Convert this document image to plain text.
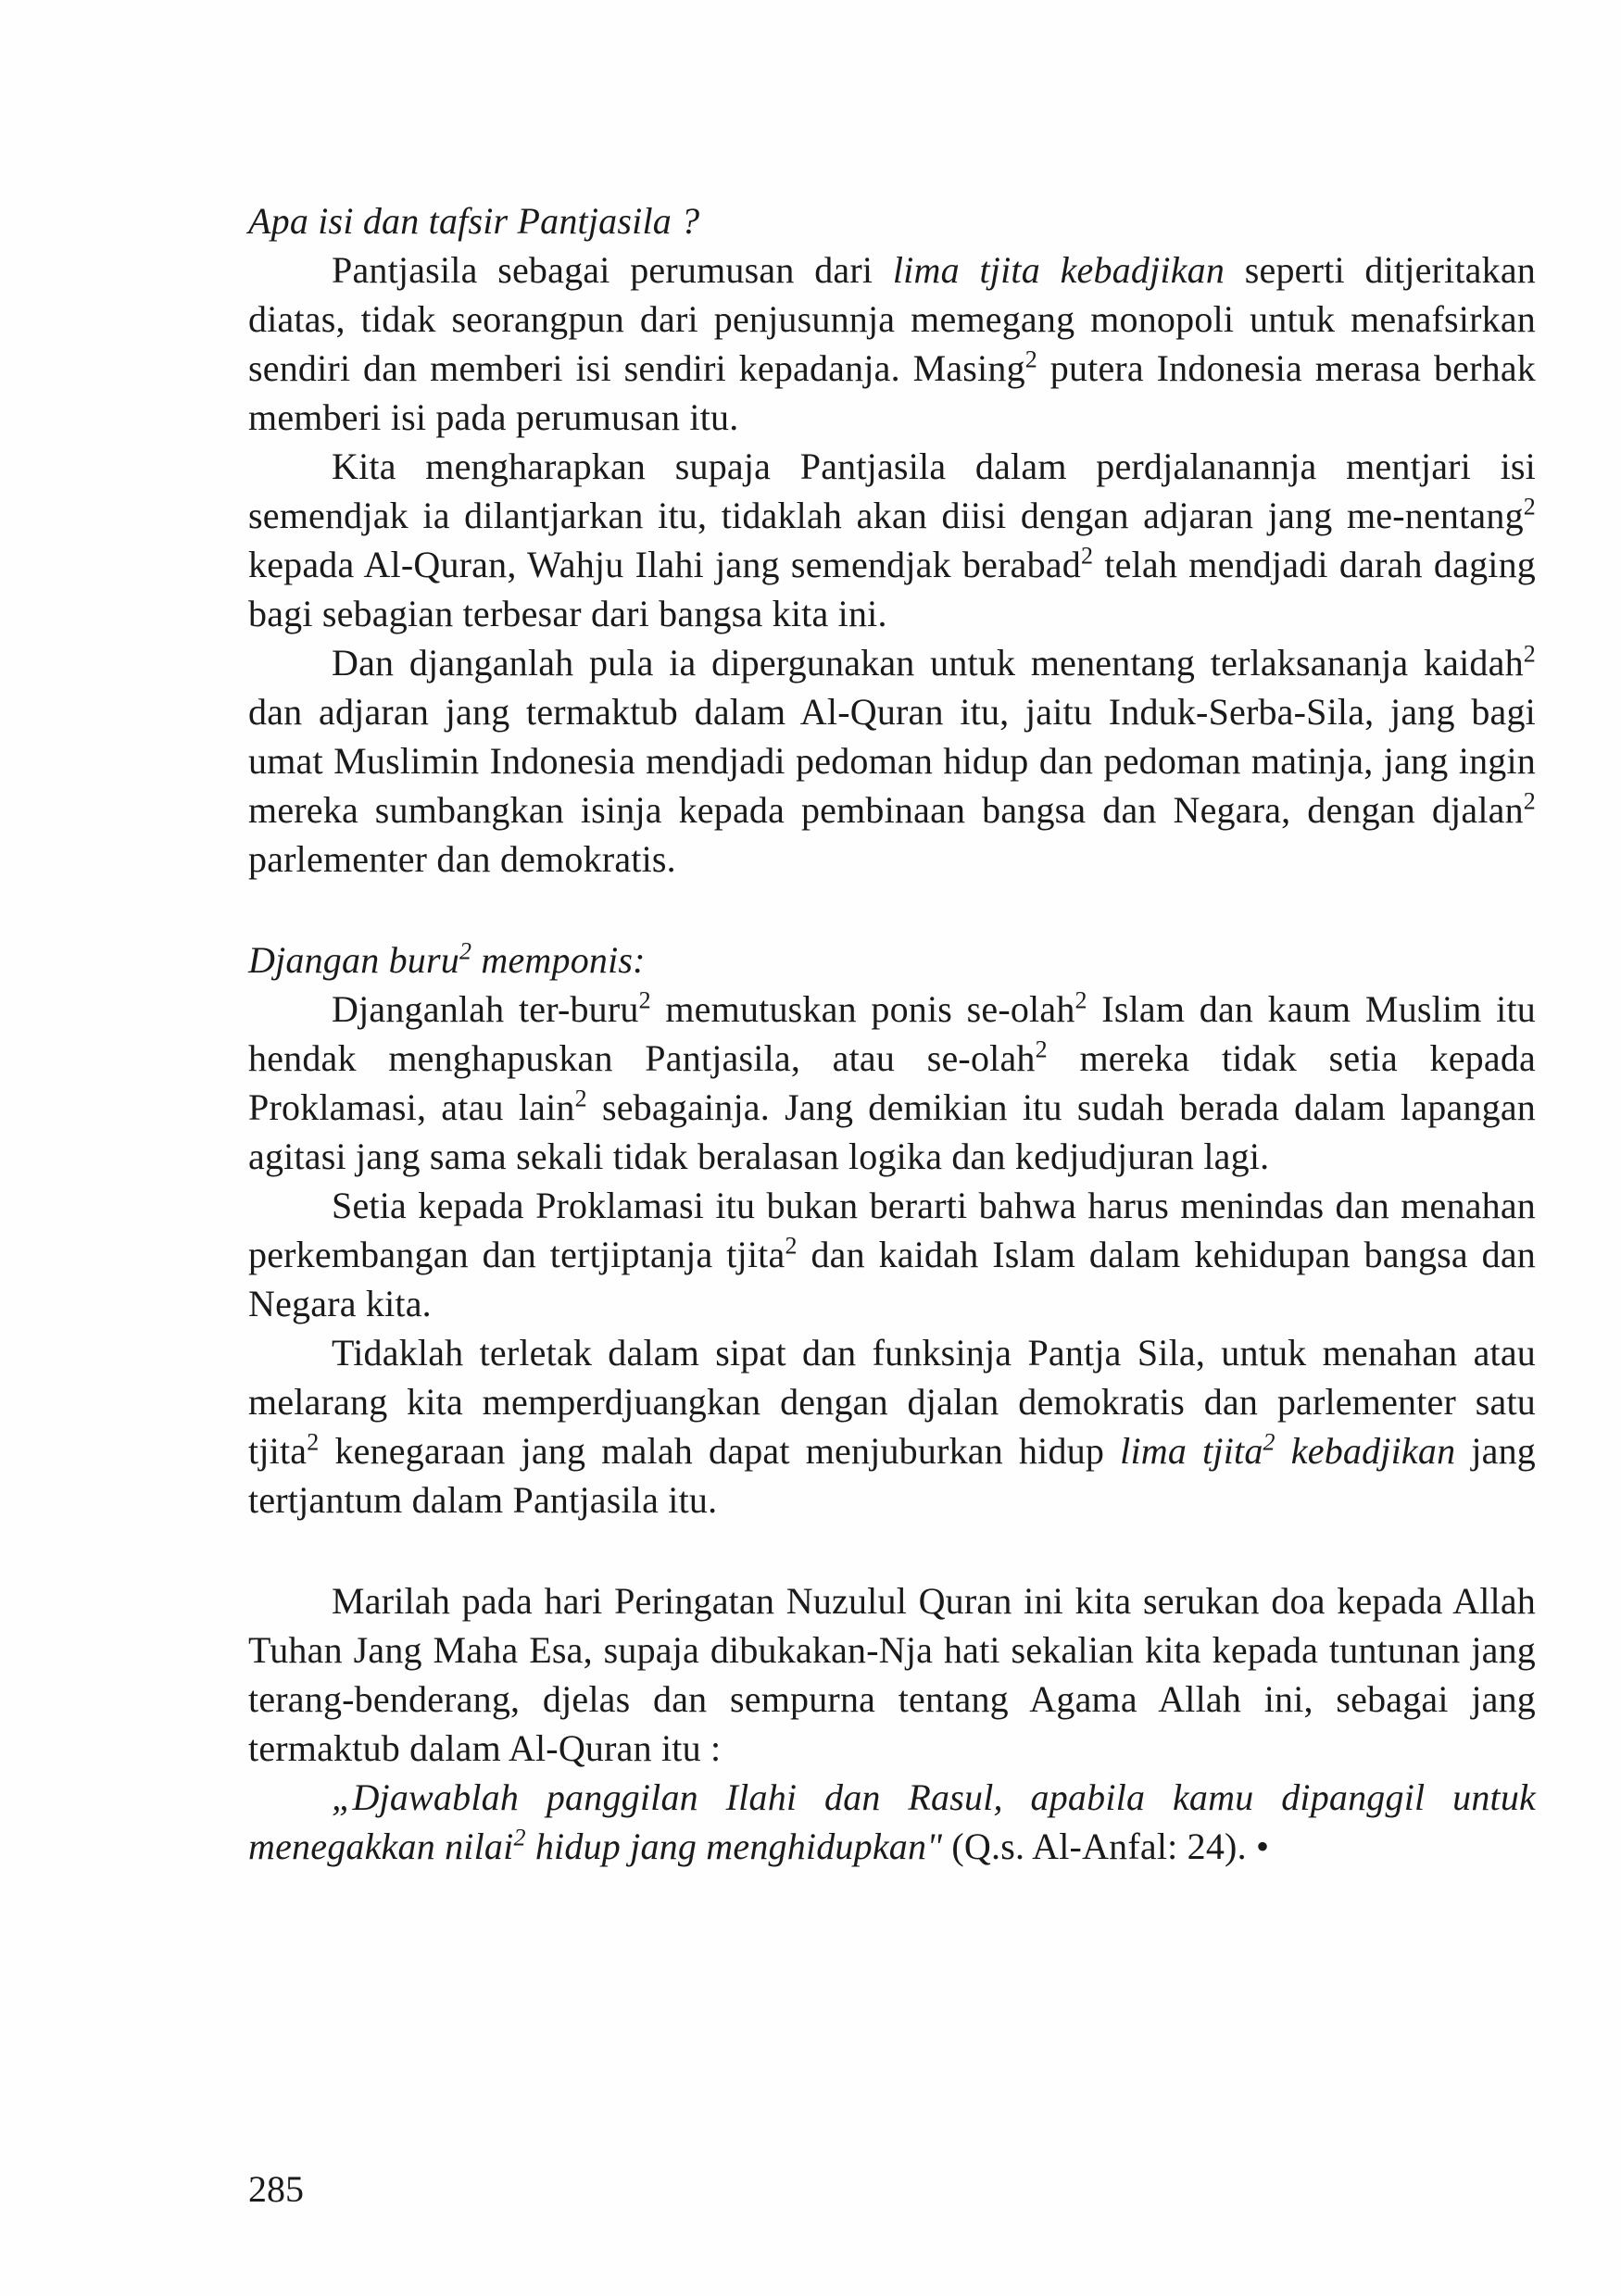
Apa isi dan tafsir Pantjasila ?

Pantjasila sebagai perumusan dari lima tjita kebadjikan seperti ditjeritakan diatas, tidak seorangpun dari penjusunnja memegang monopoli untuk menafsirkan sendiri dan memberi isi sendiri kepadanja. Masing$^2$ putera Indonesia merasa berhak memberi isi pada perumusan itu.

Kita mengharapkan supaja Pantjasila dalam perdjalanannja mentjari isi semendjak ia dilantjarkan itu, tidaklah akan diisi dengan adjaran jang me-nentang$^2$ kepada Al-Quran, Wahju Ilahi jang semendjak berabad$^2$ telah mendjadi darah daging bagi sebagian terbesar dari bangsa kita ini.

Dan djanganlah pula ia dipergunakan untuk menentang terlaksananja kaidah$^2$ dan adjaran jang termaktub dalam Al-Quran itu, jaitu Induk-Serba-Sila, jang bagi umat Muslimin Indonesia mendjadi pedoman hidup dan pedoman matinja, jang ingin mereka sumbangkan isinja kepada pembinaan bangsa dan Negara, dengan djalan$^2$ parlementer dan demokratis.

Djangan buru$^2$ memponis:

Djanganlah ter-buru$^2$ memutuskan ponis se-olah$^2$ Islam dan kaum Muslim itu hendak menghapuskan Pantjasila, atau se-olah$^2$ mereka tidak setia kepada Proklamasi, atau lain$^2$ sebagainja. Jang demikian itu sudah berada dalam lapangan agitasi jang sama sekali tidak beralasan logika dan kedjudjuran lagi.

Setia kepada Proklamasi itu bukan berarti bahwa harus menindas dan menahan perkembangan dan tertjiptanja tjita$^2$ dan kaidah Islam dalam kehidupan bangsa dan Negara kita.

Tidaklah terletak dalam sipat dan funksinja Pantja Sila, untuk menahan atau melarang kita memperdjuangkan dengan djalan demokratis dan parlementer satu tjita$^2$ kenegaraan jang malah dapat menjuburkan hidup lima tjita$^2$ kebadjikan jang tertjantum dalam Pantjasila itu.

Marilah pada hari Peringatan Nuzulul Quran ini kita serukan doa kepada Allah Tuhan Jang Maha Esa, supaja dibukakan-Nja hati sekalian kita kepada tuntunan jang terang-benderang, djelas dan sempurna tentang Agama Allah ini, sebagai jang termaktub dalam Al-Quran itu :

„Djawablah panggilan Ilahi dan Rasul, apabila kamu dipanggil untuk menegakkan nilai$^2$ hidup jang menghidupkan" (Q.s. Al-Anfal: 24). •

285
